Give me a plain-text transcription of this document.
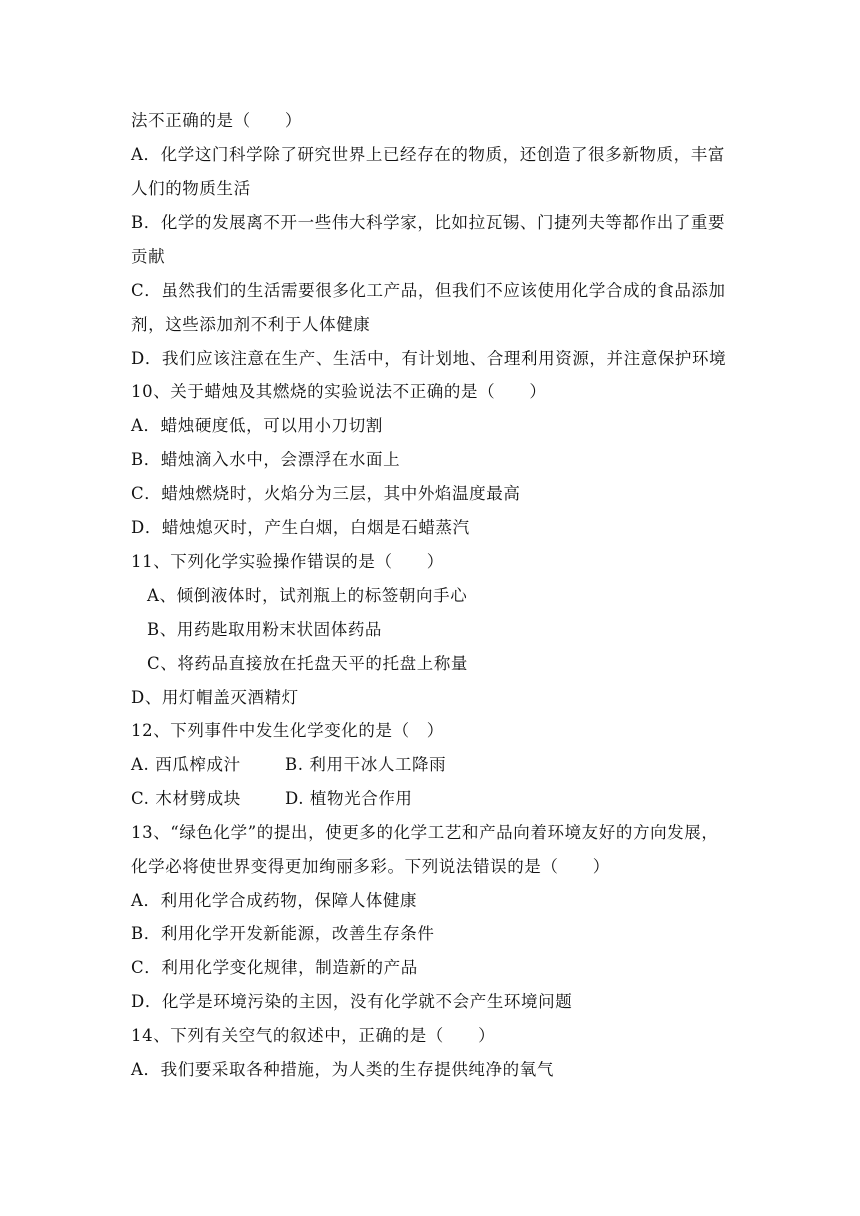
法不正确的是（　　）
A．化学这门科学除了研究世界上已经存在的物质，还创造了很多新物质，丰富
人们的物质生活
B．化学的发展离不开一些伟大科学家，比如拉瓦锡、门捷列夫等都作出了重要
贡献
C．虽然我们的生活需要很多化工产品，但我们不应该使用化学合成的食品添加
剂，这些添加剂不利于人体健康
D．我们应该注意在生产、生活中，有计划地、合理利用资源，并注意保护环境
10、关于蜡烛及其燃烧的实验说法不正确的是（　　）
A．蜡烛硬度低，可以用小刀切割
B．蜡烛滴入水中，会漂浮在水面上
C．蜡烛燃烧时，火焰分为三层，其中外焰温度最高
D．蜡烛熄灭时，产生白烟，白烟是石蜡蒸汽
11、下列化学实验操作错误的是（　　）
A、倾倒液体时，试剂瓶上的标签朝向手心
B、用药匙取用粉末状固体药品
C、将药品直接放在托盘天平的托盘上称量
D、用灯帽盖灭酒精灯
12、下列事件中发生化学变化的是（　）
A. 西瓜榨成汁	B. 利用干冰人工降雨
C. 木材劈成块	D. 植物光合作用
13、“绿色化学”的提出，使更多的化学工艺和产品向着环境友好的方向发展，
化学必将使世界变得更加绚丽多彩。下列说法错误的是（　　）
A．利用化学合成药物，保障人体健康
B．利用化学开发新能源，改善生存条件
C．利用化学变化规律，制造新的产品
D．化学是环境污染的主因，没有化学就不会产生环境问题
14、下列有关空气的叙述中，正确的是（　　）
A．我们要采取各种措施，为人类的生存提供纯净的氧气
